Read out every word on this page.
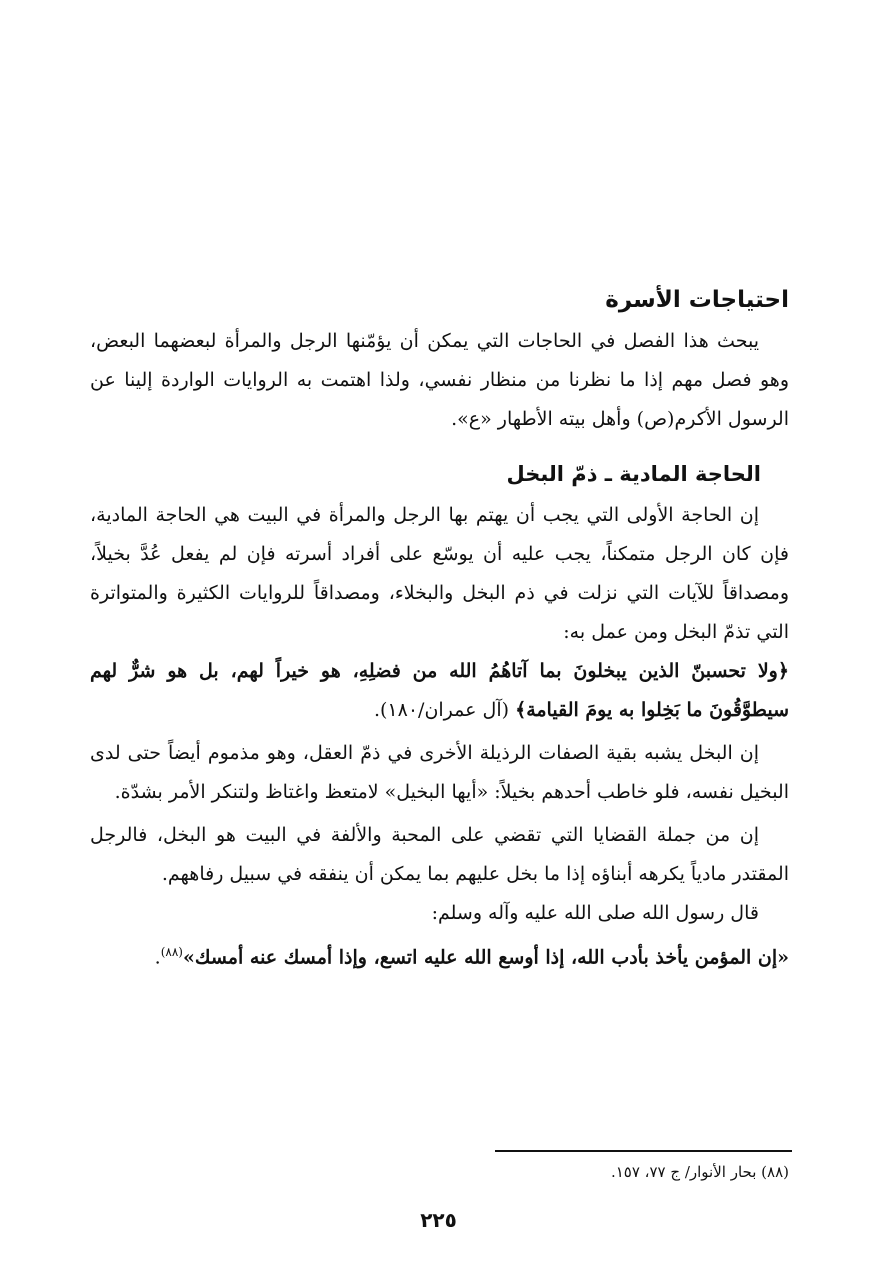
احتياجات الأسرة

يبحث هذا الفصل في الحاجات التي يمكن أن يؤمّنها الرجل والمرأة لبعضهما البعض، وهو فصل مهم إذا ما نظرنا من منظار نفسي، ولذا اهتمت به الروايات الواردة إلينا عن الرسول الأكرم(ص) وأهل بيته الأطهار «ع».

الحاجة المادية ـ ذمّ البخل

إن الحاجة الأولى التي يجب أن يهتم بها الرجل والمرأة في البيت هي الحاجة المادية، فإن كان الرجل متمكناً، يجب عليه أن يوسّع على أفراد أسرته فإن لم يفعل عُدَّ بخيلاً، ومصداقاً للآيات التي نزلت في ذم البخل والبخلاء، ومصداقاً للروايات الكثيرة والمتواترة التي تذمّ البخل ومن عمل به:

﴿ولا تحسبنّ الذين يبخلونَ بما آتاهُمُ الله من فضلِهِ، هو خيراً لهم، بل هو شرٌّ لهم سيطوَّقُونَ ما بَخِلوا به يومَ القيامة﴾ (آل عمران/١٨٠).

إن البخل يشبه بقية الصفات الرذيلة الأخرى في ذمّ العقل، وهو مذموم أيضاً حتى لدى البخيل نفسه، فلو خاطب أحدهم بخيلاً: «أيها البخيل» لامتعظ واغتاظ ولتنكر الأمر بشدّة.

إن من جملة القضايا التي تقضي على المحبة والألفة في البيت هو البخل، فالرجل المقتدر مادياً يكرهه أبناؤه إذا ما بخل عليهم بما يمكن أن ينفقه في سبيل رفاههم.

قال رسول الله صلى الله عليه وآله وسلم:

«إن المؤمن يأخذ بأدب الله، إذا أوسع الله عليه اتسع، وإذا أمسك عنه أمسك»$^{(٨٨)}$.

(٨٨) بحار الأنوار/ ج ٧٧، ١٥٧.
٢٢٥
